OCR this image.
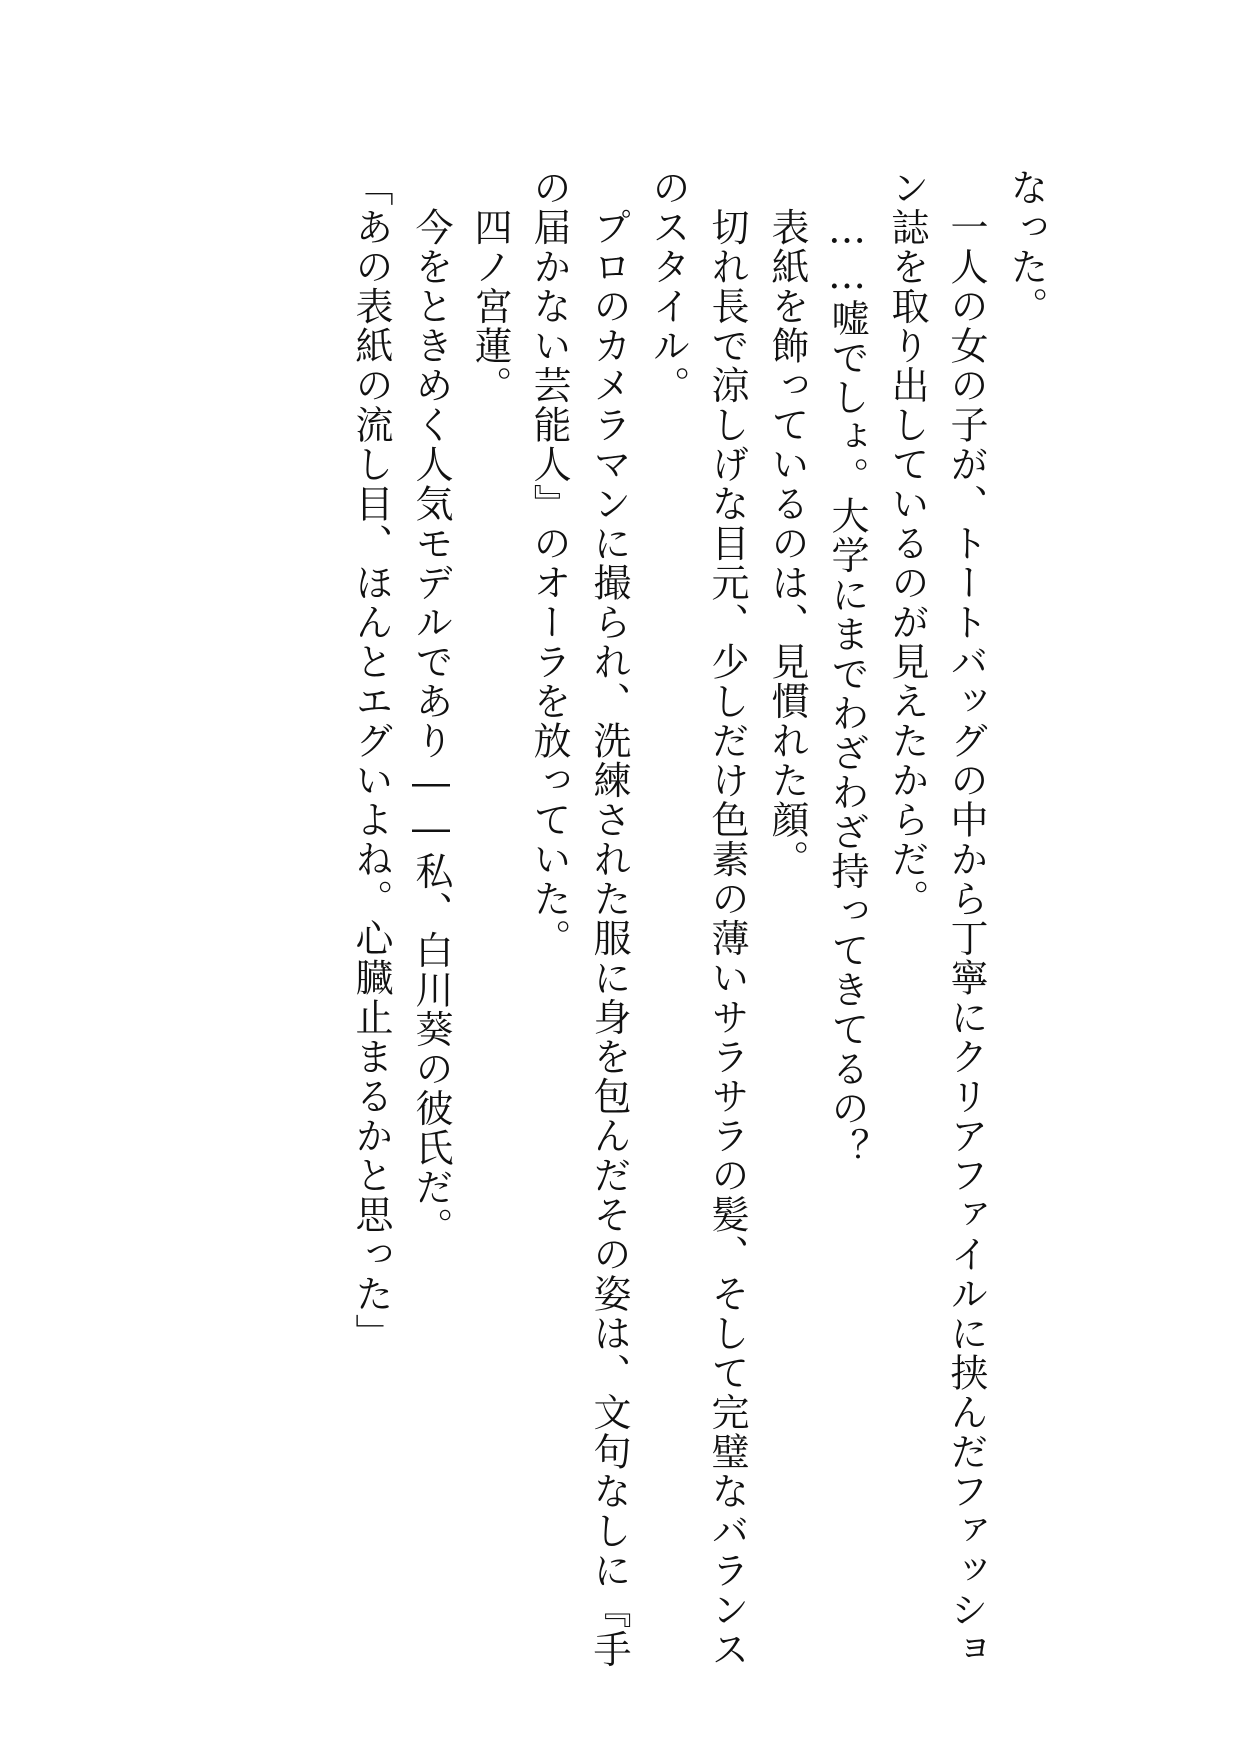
なった。
　一人の女の子が、トートバッグの中から丁寧にクリアファイルに挟んだファッショ
ン誌を取り出しているのが見えたからだ。
　……嘘でしょ。大学にまでわざわざ持ってきてるの？
　表紙を飾っているのは、見慣れた顔。
　切れ長で涼しげな目元、少しだけ色素の薄いサラサラの髪、そして完璧なバランス
のスタイル。
　プロのカメラマンに撮られ、洗練された服に身を包んだその姿は、文句なしに『手
の届かない芸能人』のオーラを放っていた。
　四ノ宮蓮。
　今をときめく人気モデルであり――私、白川葵の彼氏だ。
「あの表紙の流し目、ほんとエグいよね。心臓止まるかと思った」
